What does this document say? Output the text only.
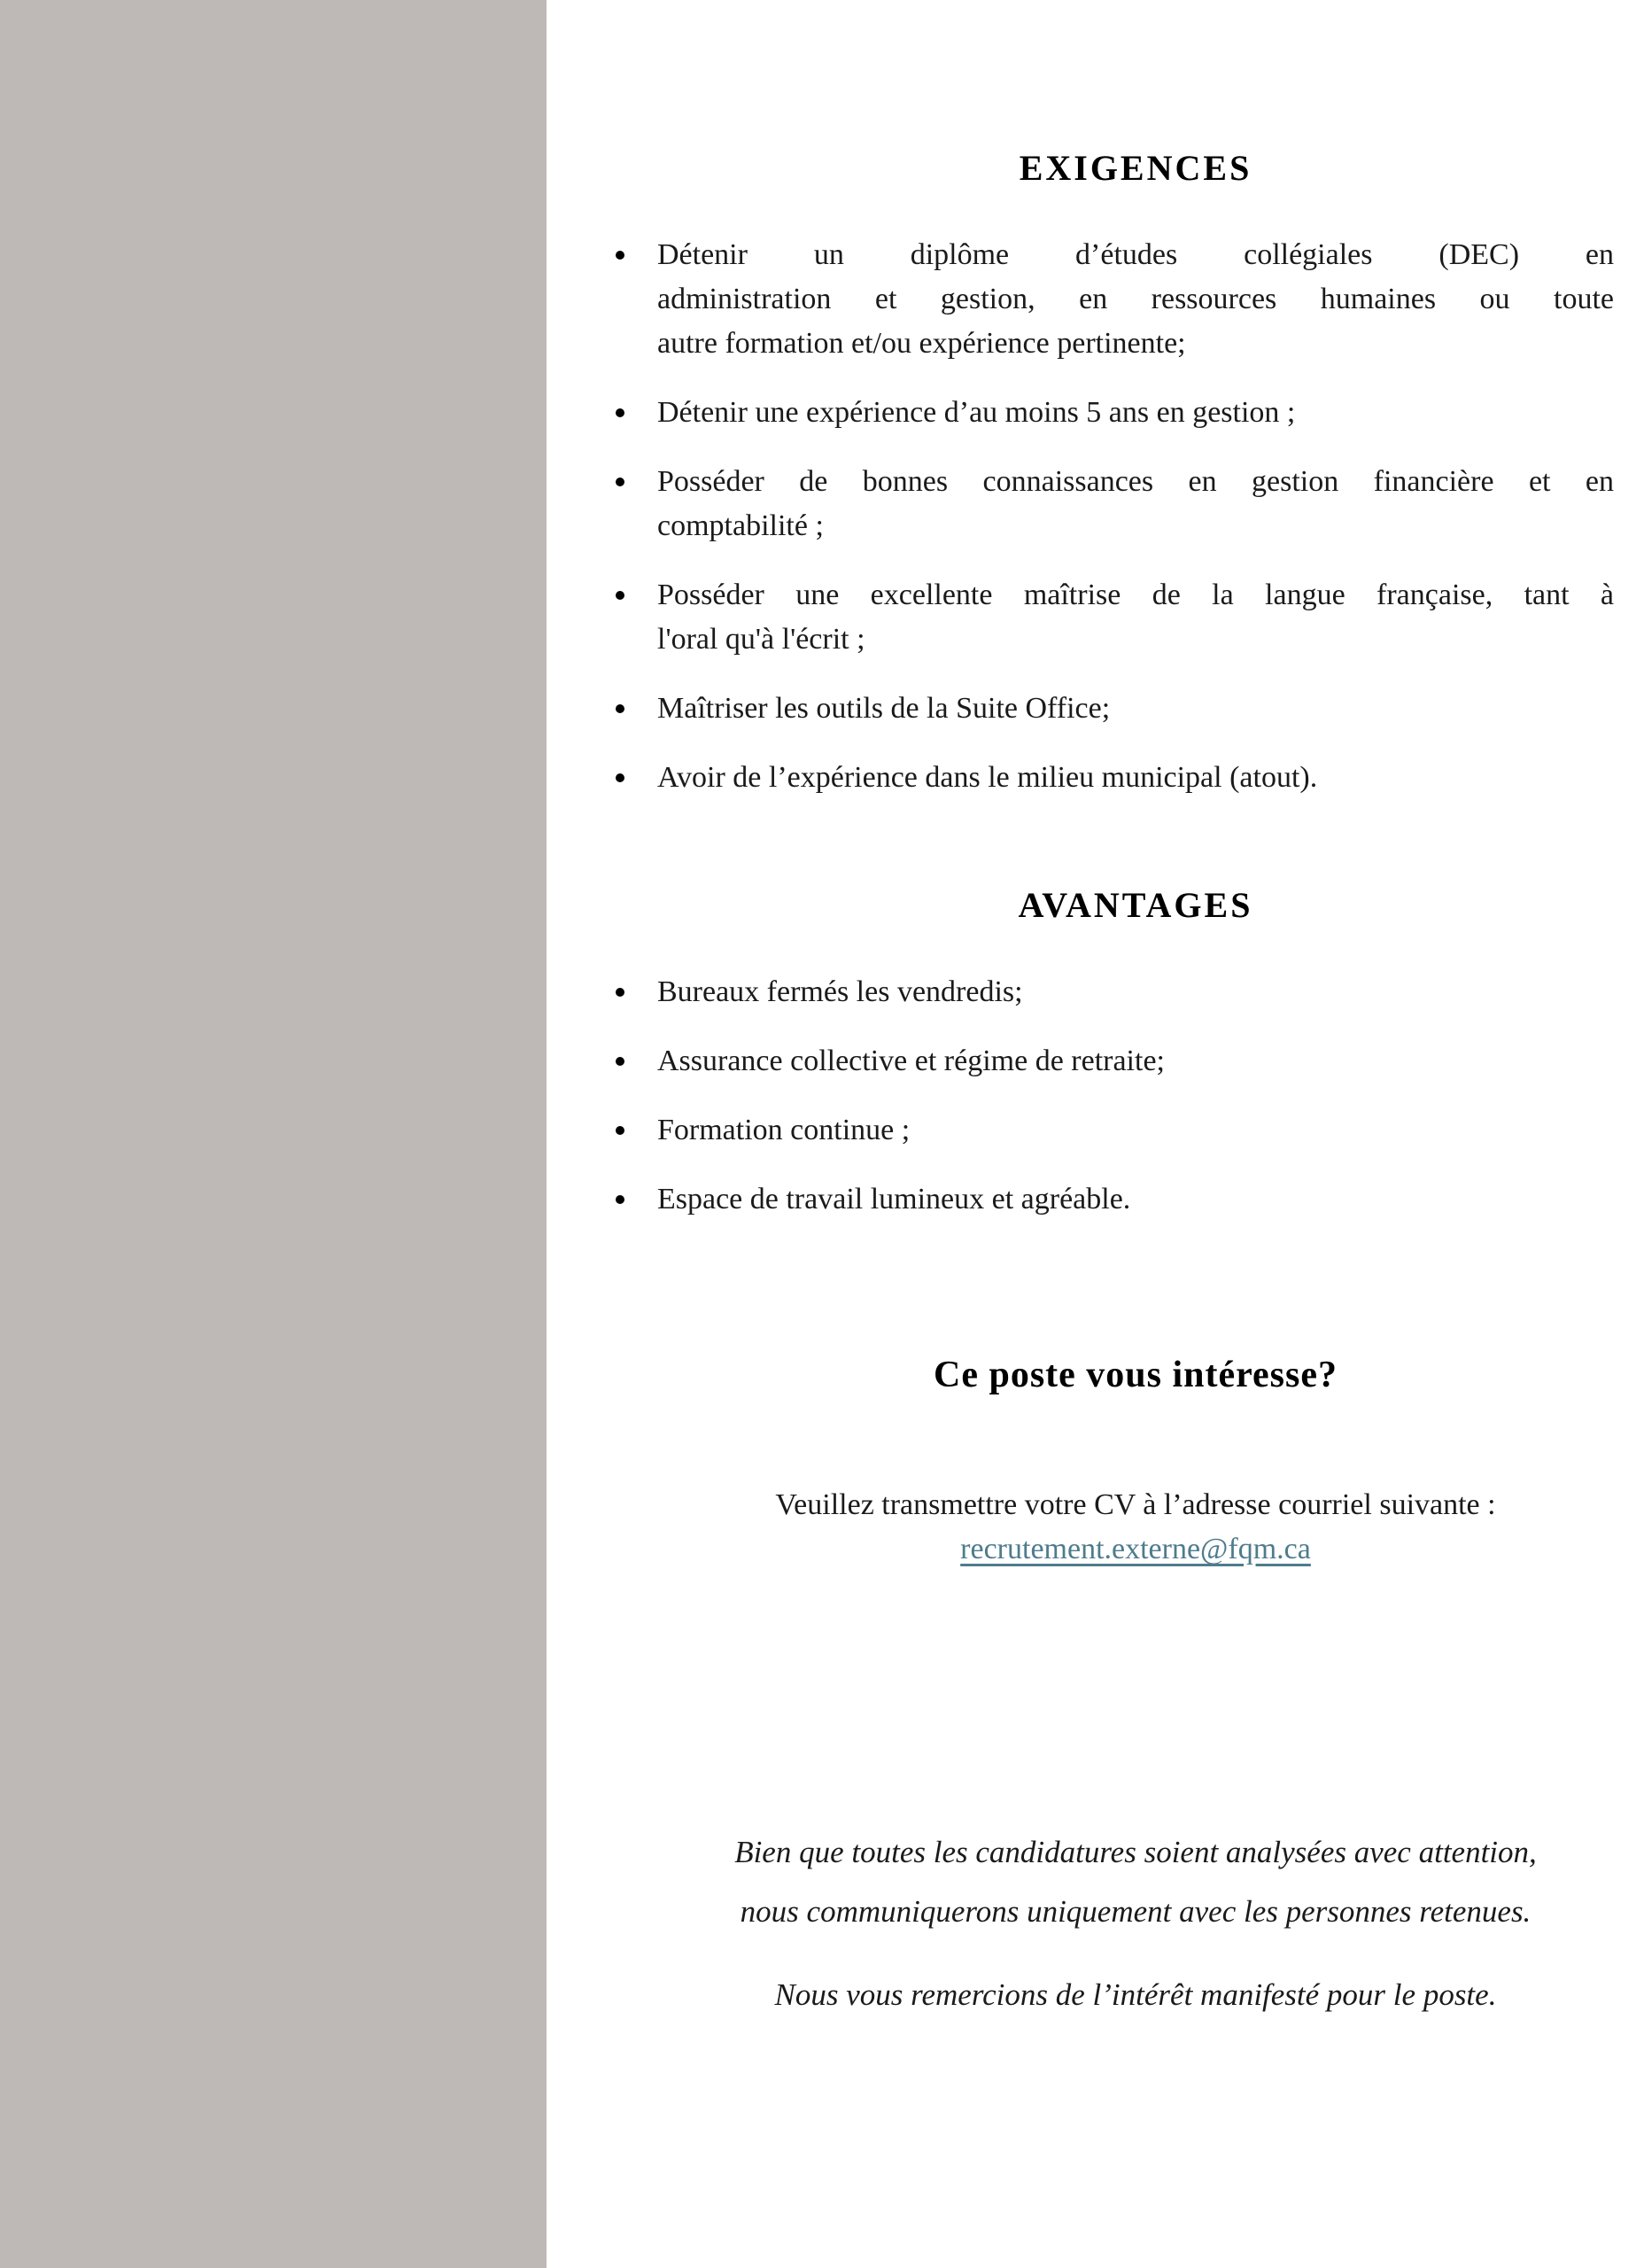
EXIGENCES
Détenir un diplôme d’études collégiales (DEC) en
administration et gestion, en ressources humaines ou toute
autre formation et/ou expérience pertinente;
Détenir une expérience d’au moins 5 ans en gestion ;
Posséder de bonnes connaissances en gestion financière et en
comptabilité ;
Posséder une excellente maîtrise de la langue française, tant à
l'oral qu'à l'écrit ;
Maîtriser les outils de la Suite Office;
Avoir de l’expérience dans le milieu municipal (atout).
AVANTAGES
Bureaux fermés les vendredis;
Assurance collective et régime de retraite;
Formation continue ;
Espace de travail lumineux et agréable.
Ce poste vous intéresse?

Veuillez transmettre votre CV à l’adresse courriel suivante :

recrutement.externe@fqm.ca

Bien que toutes les candidatures soient analysées avec attention,
nous communiquerons uniquement avec les personnes retenues.

Nous vous remercions de l’intérêt manifesté pour le poste.
